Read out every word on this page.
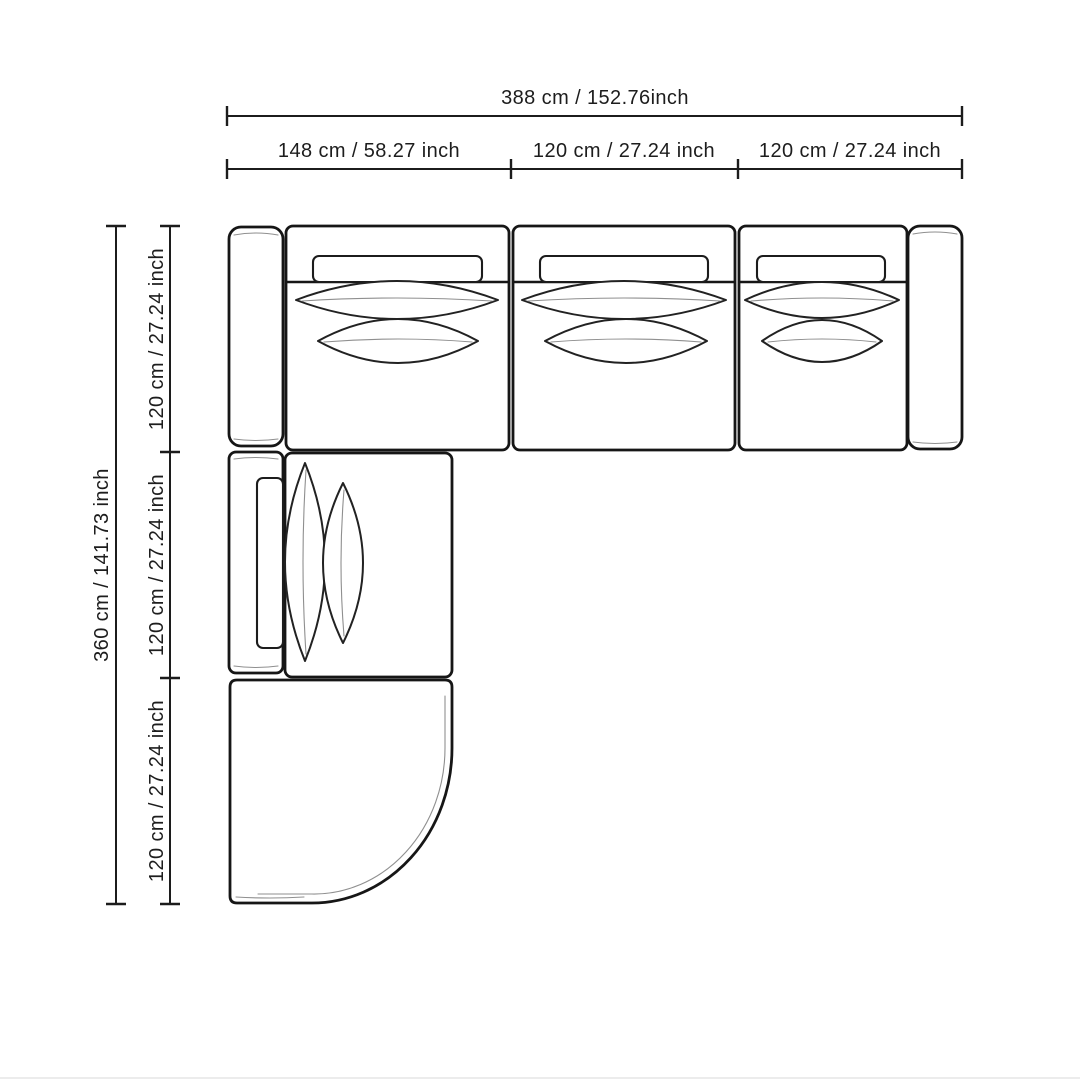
388 cm / 152.76inch
148 cm / 58.27 inch	120 cm / 27.24 inch 120 cm / 27.24 inch
360 cm / 141.73 inch
120 cm / 27.24 inch
120 cm / 27.24 inch
120 cm / 27.24 inch
